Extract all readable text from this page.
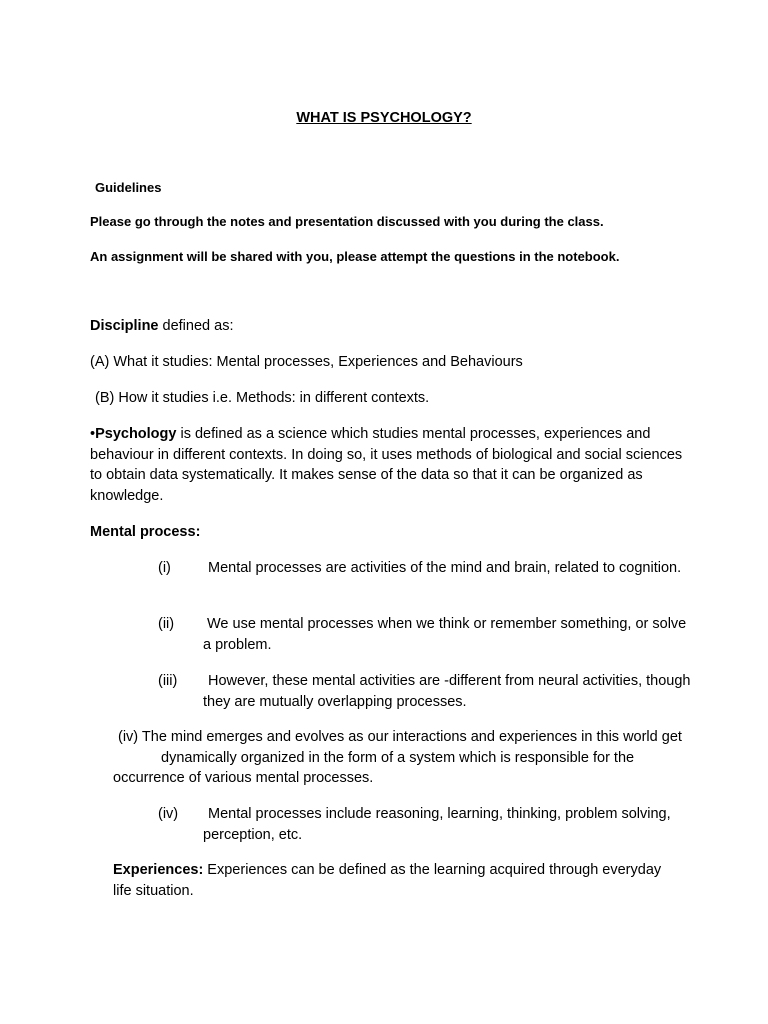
WHAT IS PSYCHOLOGY?

Guidelines

Please go through the notes and presentation discussed with you during the class.

An assignment will be shared with you, please attempt the questions in the notebook.

Discipline defined as:

(A) What it studies: Mental processes, Experiences and Behaviours

(B) How it studies i.e. Methods: in different contexts.

•Psychology is defined as a science which studies mental processes, experiences and behaviour in different contexts. In doing so, it uses methods of biological and social sciences to obtain data systematically. It makes sense of the data so that it can be organized as knowledge.

Mental process:

(i)	Mental processes are activities of the mind and brain, related to cognition.
(ii) We use mental processes when we think or remember something, or solve a problem.
(iii)	However, these mental activities are -different from neural activities, though they are mutually overlapping processes.

(iv) The mind emerges and evolves as our interactions and experiences in this world getdynamically organized in the form of a system which is responsible for the occurrence of various mental processes.

(iv)	Mental processes include reasoning, learning, thinking, problem solving, perception, etc.

Experiences: Experiences can be defined as the learning acquired through everyday life situation.
